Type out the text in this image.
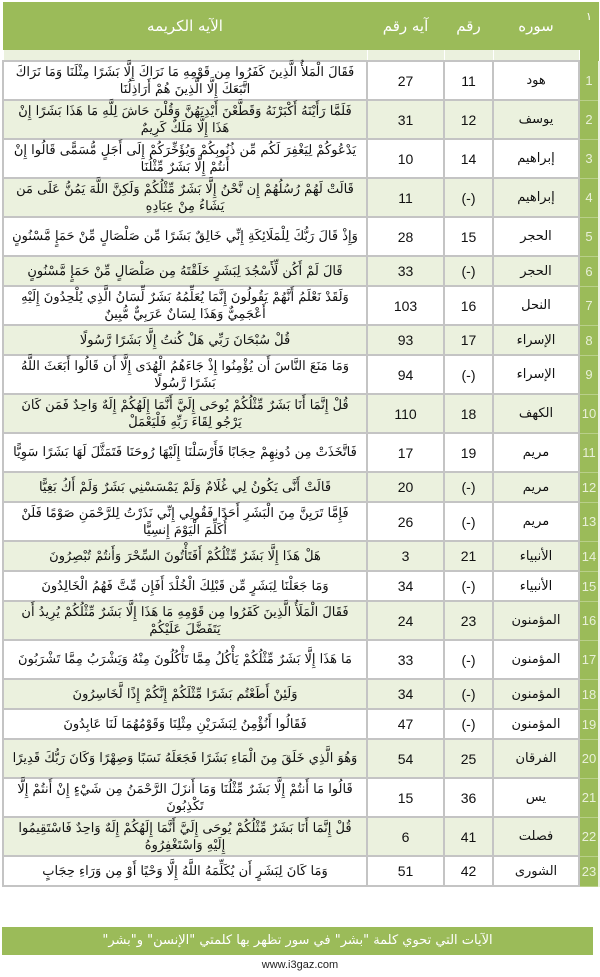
١	سوره	رقم	آيه رقم	الآيه الكريمه

1	هود	11	27	فَقَالَ الْمَلأُ الَّذِينَ كَفَرُوا مِن قَوْمِهِ مَا نَرَاكَ إِلَّا بَشَرًا مِثْلَنَا وَمَا نَرَاكَ اتَّبَعَكَ إِلَّا الَّذِينَ هُمْ أَرَاذِلُنَا
2	يوسف	12	31	فَلَمَّا رَأَيْنَهُ أَكْبَرْنَهُ وَقَطَّعْنَ أَيْدِيَهُنَّ وَقُلْنَ حَاشَ لِلَّهِ مَا هَذَا بَشَرًا إِنْ هَذَا إِلَّا مَلَكٌ كَرِيمٌ
3	إبراهيم	14	10	يَدْعُوكُمْ لِيَغْفِرَ لَكُم مِّن ذُنُوبِكُمْ وَيُؤَخِّرَكُمْ إِلَى أَجَلٍ مُّسَمًّى قَالُوا إِنْ أَنتُمْ إِلَّا بَشَرٌ مِّثْلُنَا
4	إبراهيم	(-)	11	قَالَتْ لَهُمْ رُسُلُهُمْ إِن نَّحْنُ إِلَّا بَشَرٌ مِّثْلُكُمْ وَلَكِنَّ اللَّهَ يَمُنُّ عَلَى مَن يَشَاءُ مِنْ عِبَادِهِ
5	الحجر	15	28	وَإِذْ قَالَ رَبُّكَ لِلْمَلَائِكَةِ إِنِّي خَالِقٌ بَشَرًا مِّن صَلْصَالٍ مِّنْ حَمَإٍ مَّسْنُونٍ
6	الحجر	(-)	33	قَالَ لَمْ أَكُن لِّأَسْجُدَ لِبَشَرٍ خَلَقْتَهُ مِن صَلْصَالٍ مِّنْ حَمَإٍ مَّسْنُونٍ
7	النحل	16	103	وَلَقَدْ نَعْلَمُ أَنَّهُمْ يَقُولُونَ إِنَّمَا يُعَلِّمُهُ بَشَرٌ لِّسَانُ الَّذِي يُلْحِدُونَ إِلَيْهِ أَعْجَمِيٌّ وَهَذَا لِسَانٌ عَرَبِيٌّ مُّبِينٌ
8	الإسراء	17	93	قُلْ سُبْحَانَ رَبِّي هَلْ كُنتُ إِلَّا بَشَرًا رَّسُولًا
9	الإسراء	(-)	94	وَمَا مَنَعَ النَّاسَ أَن يُؤْمِنُوا إِذْ جَاءَهُمُ الْهُدَى إِلَّا أَن قَالُوا أَبَعَثَ اللَّهُ بَشَرًا رَّسُولًا
10	الكهف	18	110	قُلْ إِنَّمَا أَنَا بَشَرٌ مِّثْلُكُمْ يُوحَى إِلَيَّ أَنَّمَا إِلَهُكُمْ إِلَهٌ وَاحِدٌ فَمَن كَانَ يَرْجُو لِقَاءَ رَبِّهِ فَلْيَعْمَلْ
11	مريم	19	17	فَاتَّخَذَتْ مِن دُونِهِمْ حِجَابًا فَأَرْسَلْنَا إِلَيْهَا رُوحَنَا فَتَمَثَّلَ لَهَا بَشَرًا سَوِيًّا
12	مريم	(-)	20	قَالَتْ أَنَّى يَكُونُ لِي غُلَامٌ وَلَمْ يَمْسَسْنِي بَشَرٌ وَلَمْ أَكُ بَغِيًّا
13	مريم	(-)	26	فَإِمَّا تَرَيِنَّ مِنَ الْبَشَرِ أَحَدًا فَقُولِي إِنِّي نَذَرْتُ لِلرَّحْمَنِ صَوْمًا فَلَنْ أُكَلِّمَ الْيَوْمَ إِنسِيًّا
14	الأنبياء	21	3	هَلْ هَذَا إِلَّا بَشَرٌ مِّثْلُكُمْ أَفَتَأْتُونَ السِّحْرَ وَأَنتُمْ تُبْصِرُونَ
15	الأنبياء	(-)	34	وَمَا جَعَلْنَا لِبَشَرٍ مِّن قَبْلِكَ الْخُلْدَ أَفَإِن مِّتَّ فَهُمُ الْخَالِدُونَ
16	المؤمنون	23	24	فَقَالَ الْمَلَأُ الَّذِينَ كَفَرُوا مِن قَوْمِهِ مَا هَذَا إِلَّا بَشَرٌ مِّثْلُكُمْ يُرِيدُ أَن يَتَفَضَّلَ عَلَيْكُمْ
17	المؤمنون	(-)	33	مَا هَذَا إِلَّا بَشَرٌ مِّثْلُكُمْ يَأْكُلُ مِمَّا تَأْكُلُونَ مِنْهُ وَيَشْرَبُ مِمَّا تَشْرَبُونَ
18	المؤمنون	(-)	34	وَلَئِنْ أَطَعْتُم بَشَرًا مِّثْلَكُمْ إِنَّكُمْ إِذًا لَّخَاسِرُونَ
19	المؤمنون	(-)	47	فَقَالُوا أَنُؤْمِنُ لِبَشَرَيْنِ مِثْلِنَا وَقَوْمُهُمَا لَنَا عَابِدُونَ
20	الفرقان	25	54	وَهُوَ الَّذِي خَلَقَ مِنَ الْمَاءِ بَشَرًا فَجَعَلَهُ نَسَبًا وَصِهْرًا وَكَانَ رَبُّكَ قَدِيرًا
21	يس	36	15	قَالُوا مَا أَنتُمْ إِلَّا بَشَرٌ مِّثْلُنَا وَمَا أَنزَلَ الرَّحْمَنُ مِن شَيْءٍ إِنْ أَنتُمْ إِلَّا تَكْذِبُونَ
22	فصلت	41	6	قُلْ إِنَّمَا أَنَا بَشَرٌ مِّثْلُكُمْ يُوحَى إِلَيَّ أَنَّمَا إِلَهُكُمْ إِلَهٌ وَاحِدٌ فَاسْتَقِيمُوا إِلَيْهِ وَاسْتَغْفِرُوهُ
23	الشورى	42	51	وَمَا كَانَ لِبَشَرٍ أَن يُكَلِّمَهُ اللَّهُ إِلَّا وَحْيًا أَوْ مِن وَرَاءِ حِجَابٍ
الآيات التي تحوي كلمة "بشر" في سور تظهر بها كلمتي "الإنسن" و"بشر"
www.i3gaz.com
